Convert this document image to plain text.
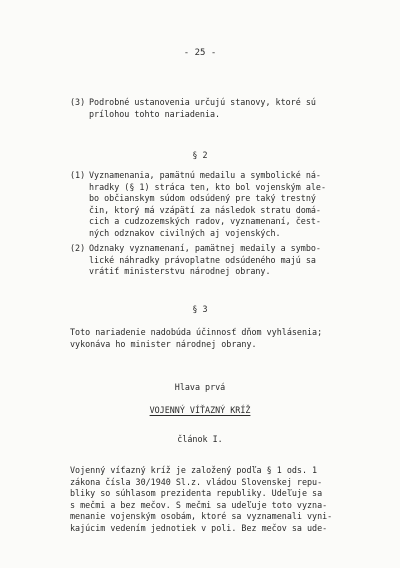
- 25 -
(3) Podrobné ustanovenia určujú stanovy, ktoré sú
prílohou tohto nariadenia.
§ 2
(1) Vyznamenania, pamätnú medailu a symbolické ná-
hradky (§ 1) stráca ten, kto bol vojenským ale-
bo občianskym súdom odsúdený pre taký trestný
čin, ktorý má vzápätí za následok stratu domá-
cich a cudzozemských radov, vyznamenaní, čest-
ných odznakov civilných aj vojenských.
(2) Odznaky vyznamenaní, pamätnej medaily a symbo-
lické náhradky právoplatne odsúdeného majú sa
vrátiť ministerstvu národnej obrany.
§ 3
Toto nariadenie nadobúda účinnosť dňom vyhlásenia;
vykonáva ho minister národnej obrany.
Hlava prvá
VOJENNÝ VÍŤAZNÝ KRÍŽ
článok I.
Vojenný víťazný kríž je založený podľa § 1 ods. 1
zákona čísla 30/1940 Sl.z. vládou Slovenskej repu-
bliky so súhlasom prezidenta republiky. Udeľuje sa
s mečmi a bez mečov. S mečmi sa udeľuje toto vyzna-
menanie vojenským osobám, ktoré sa vyznamenali vyni-
kajúcim vedením jednotiek v poli. Bez mečov sa ude-
